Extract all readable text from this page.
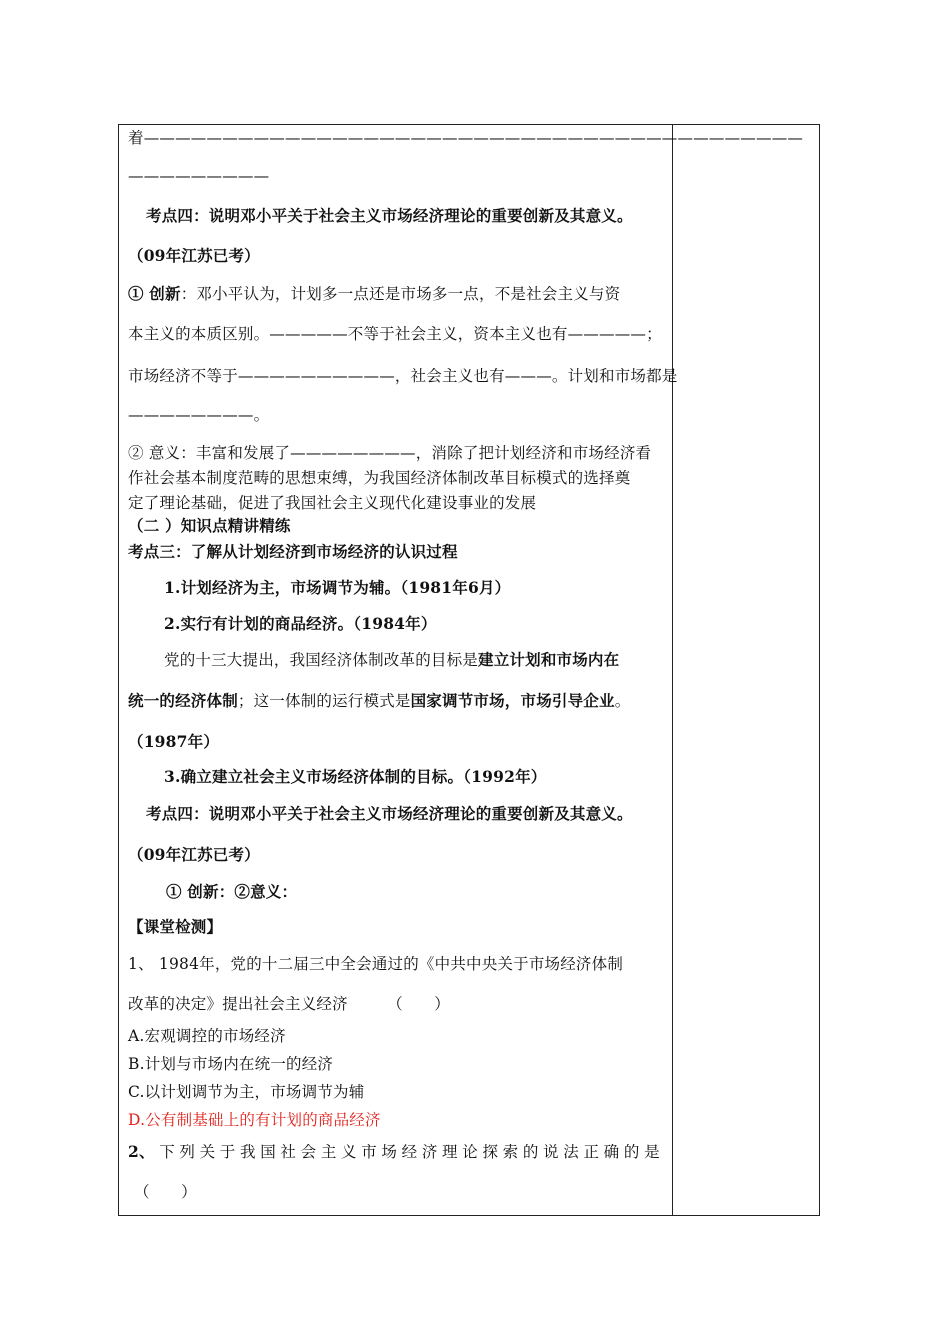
着——————————————————————————————————————————
—————————
考点四：说明邓小平关于社会主义市场经济理论的重要创新及其意义。
（09年江苏已考）
① 创新：邓小平认为，计划多一点还是市场多一点，不是社会主义与资
本主义的本质区别。—————不等于社会主义，资本主义也有—————；
市场经济不等于——————————，社会主义也有———。计划和市场都是
————————。
② 意义：丰富和发展了————————，消除了把计划经济和市场经济看
作社会基本制度范畴的思想束缚，为我国经济体制改革目标模式的选择奠
定了理论基础，促进了我国社会主义现代化建设事业的发展
（二 ）知识点精讲精练
考点三：了解从计划经济到市场经济的认识过程
1.计划经济为主，市场调节为辅。（1981年6月）
2.实行有计划的商品经济。（1984年）
党的十三大提出，我国经济体制改革的目标是建立计划和市场内在
统一的经济体制；这一体制的运行模式是国家调节市场，市场引导企业。
（1987年）
3.确立建立社会主义市场经济体制的目标。（1992年）
考点四：说明邓小平关于社会主义市场经济理论的重要创新及其意义。
（09年江苏已考）
① 创新：②意义：
【课堂检测】
1、 1984年，党的十二届三中全会通过的《中共中央关于市场经济体制
改革的决定》提出社会主义经济　　　（　　）
A.宏观调控的市场经济
B.计划与市场内在统一的经济
C.以计划调节为主，市场调节为辅
D.公有制基础上的有计划的商品经济
2、 下 列 关 于 我 国 社 会 主 义 市 场 经 济 理 论 探 索 的 说 法 正 确 的 是
（　　）
